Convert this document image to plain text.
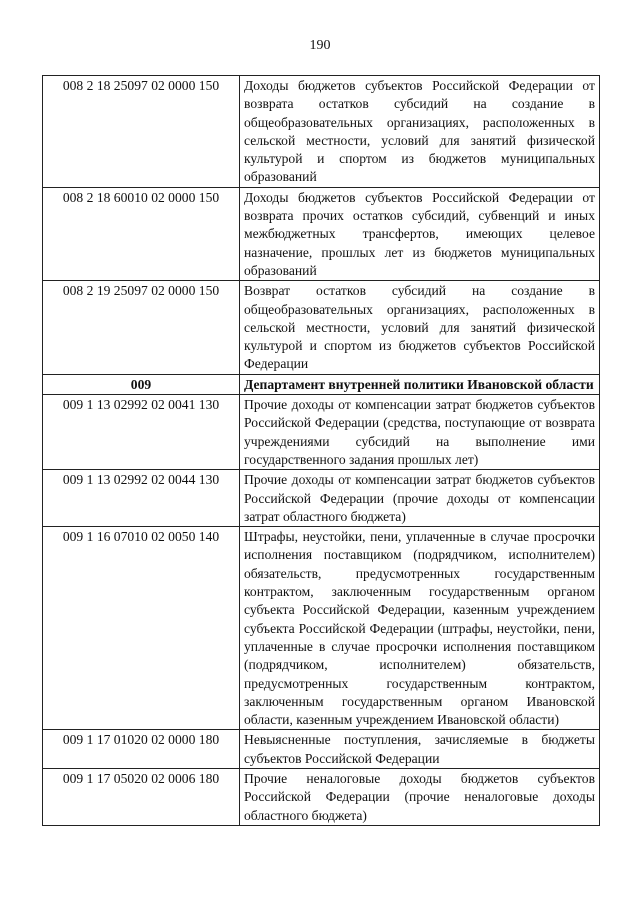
190
008 2 18 25097 02 0000 150	Доходы бюджетов субъектов Российской Федерации от возврата остатков субсидий на создание в общеобразовательных организациях, расположенных в сельской местности, условий для занятий физической культурой и спортом из бюджетов муниципальных образований
008 2 18 60010 02 0000 150	Доходы бюджетов субъектов Российской Федерации от возврата прочих остатков субсидий, субвенций и иных межбюджетных трансфертов, имеющих целевое назначение, прошлых лет из бюджетов муниципальных образований
008 2 19 25097 02 0000 150	Возврат остатков субсидий на создание в общеобразовательных организациях, расположенных в сельской местности, условий для занятий физической культурой и спортом из бюджетов субъектов Российской Федерации
009	Департамент внутренней политики Ивановской области
009 1 13 02992 02 0041 130	Прочие доходы от компенсации затрат бюджетов субъектов Российской Федерации (средства, поступающие от возврата учреждениями субсидий на выполнение ими государственного задания прошлых лет)
009 1 13 02992 02 0044 130	Прочие доходы от компенсации затрат бюджетов субъектов Российской Федерации (прочие доходы от компенсации затрат областного бюджета)
009 1 16 07010 02 0050 140	Штрафы, неустойки, пени, уплаченные в случае просрочки исполнения поставщиком (подрядчиком, исполнителем) обязательств, предусмотренных государственным контрактом, заключенным государственным органом субъекта Российской Федерации, казенным учреждением субъекта Российской Федерации (штрафы, неустойки, пени, уплаченные в случае просрочки исполнения поставщиком (подрядчиком, исполнителем) обязательств, предусмотренных государственным контрактом, заключенным государственным органом Ивановской области, казенным учреждением Ивановской области)
009 1 17 01020 02 0000 180	Невыясненные поступления, зачисляемые в бюджеты субъектов Российской Федерации
009 1 17 05020 02 0006 180	Прочие неналоговые доходы бюджетов субъектов Российской Федерации (прочие неналоговые доходы областного бюджета)
